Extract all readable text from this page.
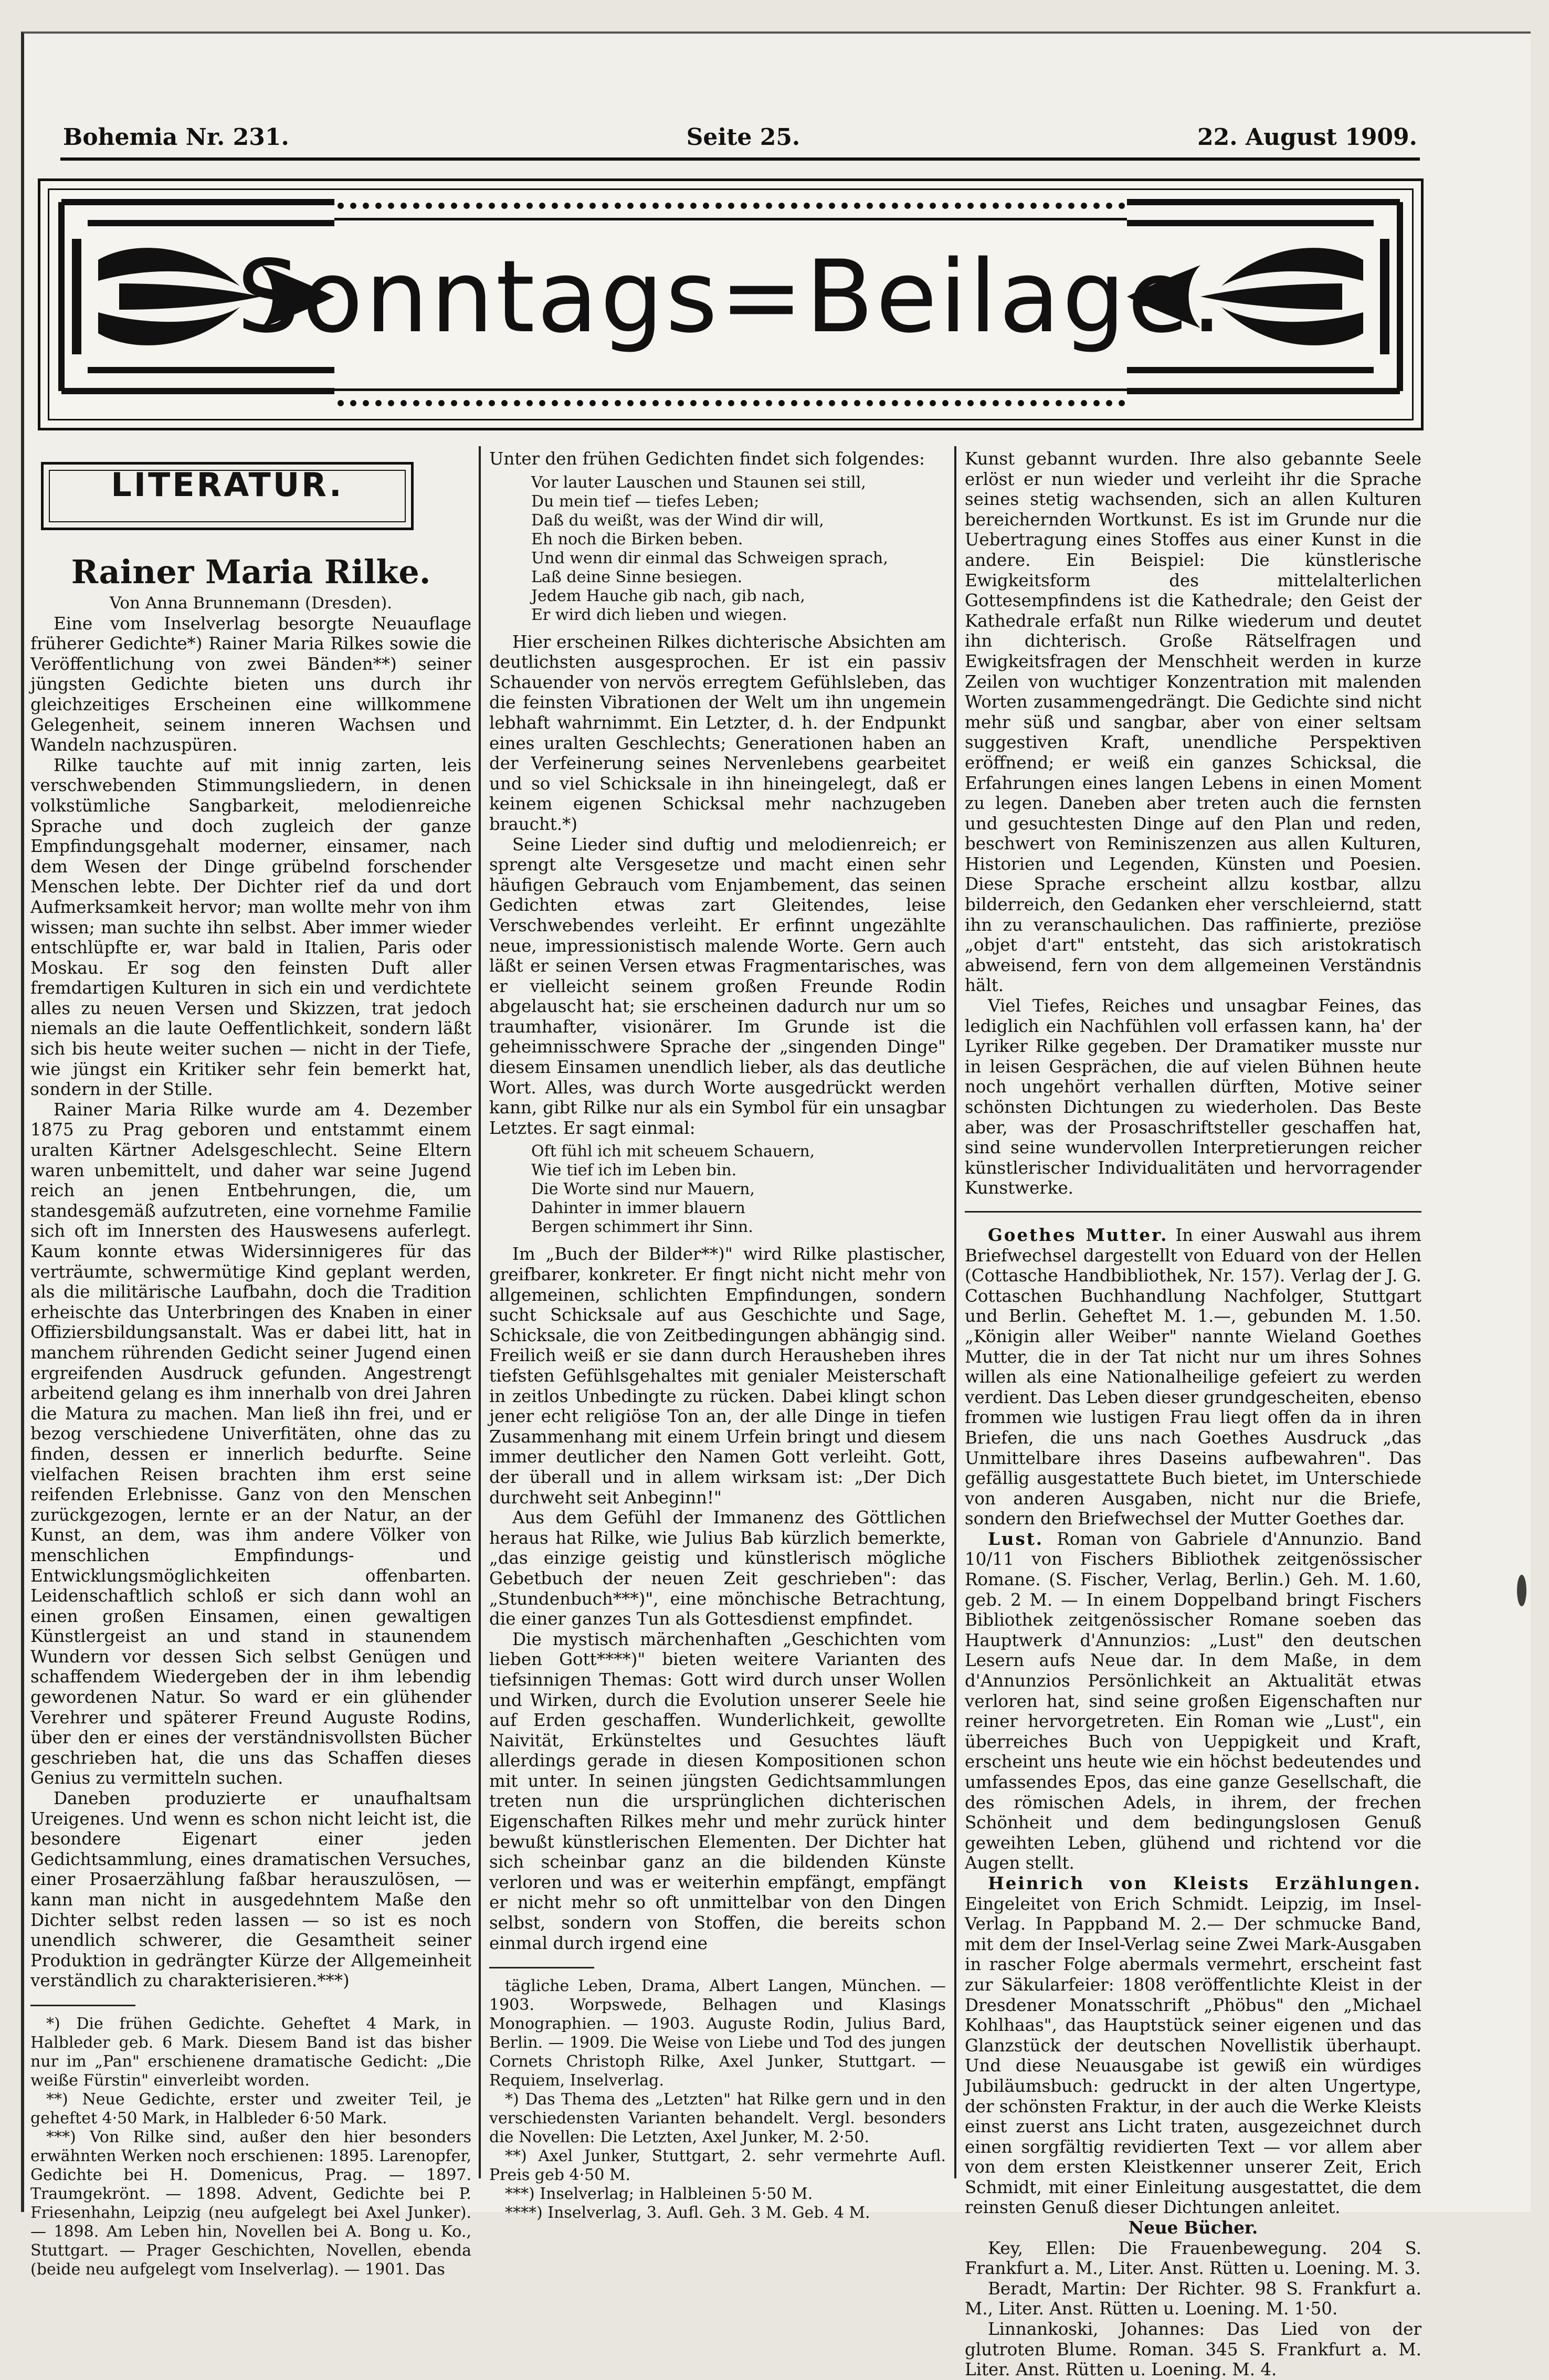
Bohemia Nr. 231.	Seite 25.	22. August 1909.
Sonntags=Beilage.
LITERATUR.

Rainer Maria Rilke.

Von Anna Brunnemann (Dresden).

Eine vom Inselverlag besorgte Neuauflage früherer Gedichte*) Rainer Maria Rilkes sowie die Veröffentlichung von zwei Bänden**) seiner jüngsten Gedichte bieten uns durch ihr gleichzeitiges Erscheinen eine willkommene Gelegenheit, seinem inneren Wachsen und Wandeln nachzuspüren.

Rilke tauchte auf mit innig zarten, leis verschwebenden Stimmungsliedern, in denen volkstümliche Sangbarkeit, melodienreiche Sprache und doch zugleich der ganze Empfindungsgehalt moderner, einsamer, nach dem Wesen der Dinge grübelnd forschender Menschen lebte. Der Dichter rief da und dort Aufmerksamkeit hervor; man wollte mehr von ihm wissen; man suchte ihn selbst. Aber immer wieder entschlüpfte er, war bald in Italien, Paris oder Moskau. Er sog den feinsten Duft aller fremdartigen Kulturen in sich ein und verdichtete alles zu neuen Versen und Skizzen, trat jedoch niemals an die laute Oeffentlichkeit, sondern läßt sich bis heute weiter suchen — nicht in der Tiefe, wie jüngst ein Kritiker sehr fein bemerkt hat, sondern in der Stille.

Rainer Maria Rilke wurde am 4. Dezember 1875 zu Prag geboren und entstammt einem uralten Kärtner Adelsgeschlecht. Seine Eltern waren unbemittelt, und daher war seine Jugend reich an jenen Entbehrungen, die, um standesgemäß aufzutreten, eine vornehme Familie sich oft im Innersten des Hauswesens auferlegt. Kaum konnte etwas Widersinnigeres für das verträumte, schwermütige Kind geplant werden, als die militärische Laufbahn, doch die Tradition erheischte das Unterbringen des Knaben in einer Offiziersbildungsanstalt. Was er dabei litt, hat in manchem rührenden Gedicht seiner Jugend einen ergreifenden Ausdruck gefunden. Angestrengt arbeitend gelang es ihm innerhalb von drei Jahren die Matura zu machen. Man ließ ihn frei, und er bezog verschiedene Univerfitäten, ohne das zu finden, dessen er innerlich bedurfte. Seine vielfachen Reisen brachten ihm erst seine reifenden Erlebnisse. Ganz von den Menschen zurückgezogen, lernte er an der Natur, an der Kunst, an dem, was ihm andere Völker von menschlichen Empfindungs- und Entwicklungsmöglichkeiten offenbarten. Leidenschaftlich schloß er sich dann wohl an einen großen Einsamen, einen gewaltigen Künstlergeist an und stand in staunendem Wundern vor dessen Sich selbst Genügen und schaffendem Wiedergeben der in ihm lebendig gewordenen Natur. So ward er ein glühender Verehrer und späterer Freund Auguste Rodins, über den er eines der verständnisvollsten Bücher geschrieben hat, die uns das Schaffen dieses Genius zu vermitteln suchen.

Daneben produzierte er unaufhaltsam Ureigenes. Und wenn es schon nicht leicht ist, die besondere Eigenart einer jeden Gedichtsammlung, eines dramatischen Versuches, einer Prosaerzählung faßbar herauszulösen, — kann man nicht in ausgedehntem Maße den Dichter selbst reden lassen — so ist es noch unendlich schwerer, die Gesamtheit seiner Produktion in gedrängter Kürze der Allgemeinheit verständlich zu charakterisieren.***)

*) Die frühen Gedichte. Geheftet 4 Mark, in Halbleder geb. 6 Mark. Diesem Band ist das bisher nur im „Pan" erschienene dramatische Gedicht: „Die weiße Fürstin" einverleibt worden.

**) Neue Gedichte, erster und zweiter Teil, je geheftet 4·50 Mark, in Halbleder 6·50 Mark.

***) Von Rilke sind, außer den hier besonders erwähnten Werken noch erschienen: 1895. Larenopfer, Gedichte bei H. Domenicus, Prag. — 1897. Traumgekrönt. — 1898. Advent, Gedichte bei P. Friesenhahn, Leipzig (neu aufgelegt bei Axel Junker). — 1898. Am Leben hin, Novellen bei A. Bong u. Ko., Stuttgart. — Prager Geschichten, Novellen, ebenda (beide neu aufgelegt vom Inselverlag). — 1901. Das

Unter den frühen Gedichten findet sich folgendes:

Vor lauter Lauschen und Staunen sei still,
Du mein tief — tiefes Leben;
Daß du weißt, was der Wind dir will,
Eh noch die Birken beben.
Und wenn dir einmal das Schweigen sprach,
Laß deine Sinne besiegen.
Jedem Hauche gib nach, gib nach,
Er wird dich lieben und wiegen.

Hier erscheinen Rilkes dichterische Absichten am deutlichsten ausgesprochen. Er ist ein passiv Schauender von nervös erregtem Gefühlsleben, das die feinsten Vibrationen der Welt um ihn ungemein lebhaft wahrnimmt. Ein Letzter, d. h. der Endpunkt eines uralten Geschlechts; Generationen haben an der Verfeinerung seines Nervenlebens gearbeitet und so viel Schicksale in ihn hineingelegt, daß er keinem eigenen Schicksal mehr nachzugeben braucht.*)

Seine Lieder sind duftig und melodienreich; er sprengt alte Versgesetze und macht einen sehr häufigen Gebrauch vom Enjambement, das seinen Gedichten etwas zart Gleitendes, leise Verschwebendes verleiht. Er erfinnt ungezählte neue, impressionistisch malende Worte. Gern auch läßt er seinen Versen etwas Fragmentarisches, was er vielleicht seinem großen Freunde Rodin abgelauscht hat; sie erscheinen dadurch nur um so traumhafter, visionärer. Im Grunde ist die geheimnisschwere Sprache der „singenden Dinge" diesem Einsamen unendlich lieber, als das deutliche Wort. Alles, was durch Worte ausgedrückt werden kann, gibt Rilke nur als ein Symbol für ein unsagbar Letztes. Er sagt einmal:

Oft fühl ich mit scheuem Schauern,
Wie tief ich im Leben bin.
Die Worte sind nur Mauern,
Dahinter in immer blauern
Bergen schimmert ihr Sinn.

Im „Buch der Bilder**)" wird Rilke plastischer, greifbarer, konkreter. Er fingt nicht nicht mehr von allgemeinen, schlichten Empfindungen, sondern sucht Schicksale auf aus Geschichte und Sage, Schicksale, die von Zeitbedingungen abhängig sind. Freilich weiß er sie dann durch Herausheben ihres tiefsten Gefühlsgehaltes mit genialer Meisterschaft in zeitlos Unbedingte zu rücken. Dabei klingt schon jener echt religiöse Ton an, der alle Dinge in tiefen Zusammenhang mit einem Urfein bringt und diesem immer deutlicher den Namen Gott verleiht. Gott, der überall und in allem wirksam ist: „Der Dich durchweht seit Anbeginn!"

Aus dem Gefühl der Immanenz des Göttlichen heraus hat Rilke, wie Julius Bab kürzlich bemerkte, „das einzige geistig und künstlerisch mögliche Gebetbuch der neuen Zeit geschrieben": das „Stundenbuch***)", eine mönchische Betrachtung, die einer ganzes Tun als Gottesdienst empfindet.

Die mystisch märchenhaften „Geschichten vom lieben Gott****)" bieten weitere Varianten des tiefsinnigen Themas: Gott wird durch unser Wollen und Wirken, durch die Evolution unserer Seele hie auf Erden geschaffen. Wunderlichkeit, gewollte Naivität, Erkünsteltes und Gesuchtes läuft allerdings gerade in diesen Kompositionen schon mit unter. In seinen jüngsten Gedichtsammlungen treten nun die ursprünglichen dichterischen Eigenschaften Rilkes mehr und mehr zurück hinter bewußt künstlerischen Elementen. Der Dichter hat sich scheinbar ganz an die bildenden Künste verloren und was er weiterhin empfängt, empfängt er nicht mehr so oft unmittelbar von den Dingen selbst, sondern von Stoffen, die bereits schon einmal durch irgend eine

tägliche Leben, Drama, Albert Langen, München. — 1903. Worpswede, Belhagen und Klasings Monographien. — 1903. Auguste Rodin, Julius Bard, Berlin. — 1909. Die Weise von Liebe und Tod des jungen Cornets Christoph Rilke, Axel Junker, Stuttgart. — Requiem, Inselverlag.

*) Das Thema des „Letzten" hat Rilke gern und in den verschiedensten Varianten behandelt. Vergl. besonders die Novellen: Die Letzten, Axel Junker, M. 2·50.

**) Axel Junker, Stuttgart, 2. sehr vermehrte Aufl. Preis geb 4·50 M.

***) Inselverlag; in Halbleinen 5·50 M.

****) Inselverlag, 3. Aufl. Geh. 3 M. Geb. 4 M.

Kunst gebannt wurden. Ihre also gebannte Seele erlöst er nun wieder und verleiht ihr die Sprache seines stetig wachsenden, sich an allen Kulturen bereichernden Wortkunst. Es ist im Grunde nur die Uebertragung eines Stoffes aus einer Kunst in die andere. Ein Beispiel: Die künstlerische Ewigkeitsform des mittelalterlichen Gottesempfindens ist die Kathedrale; den Geist der Kathedrale erfaßt nun Rilke wiederum und deutet ihn dichterisch. Große Rätselfragen und Ewigkeitsfragen der Menschheit werden in kurze Zeilen von wuchtiger Konzentration mit malenden Worten zusammengedrängt. Die Gedichte sind nicht mehr süß und sangbar, aber von einer seltsam suggestiven Kraft, unendliche Perspektiven eröffnend; er weiß ein ganzes Schicksal, die Erfahrungen eines langen Lebens in einen Moment zu legen. Daneben aber treten auch die fernsten und gesuchtesten Dinge auf den Plan und reden, beschwert von Reminiszenzen aus allen Kulturen, Historien und Legenden, Künsten und Poesien. Diese Sprache erscheint allzu kostbar, allzu bilderreich, den Gedanken eher verschleiernd, statt ihn zu veranschaulichen. Das raffinierte, preziöse „objet d'art" entsteht, das sich aristokratisch abweisend, fern von dem allgemeinen Verständnis hält.

Viel Tiefes, Reiches und unsagbar Feines, das lediglich ein Nachfühlen voll erfassen kann, ha' der Lyriker Rilke gegeben. Der Dramatiker musste nur in leisen Gesprächen, die auf vielen Bühnen heute noch ungehört verhallen dürften, Motive seiner schönsten Dichtungen zu wiederholen. Das Beste aber, was der Prosaschriftsteller geschaffen hat, sind seine wundervollen Interpretierungen reicher künstlerischer Individualitäten und hervorragender Kunstwerke.

Goethes Mutter. In einer Auswahl aus ihrem Briefwechsel dargestellt von Eduard von der Hellen (Cottasche Handbibliothek, Nr. 157). Verlag der J. G. Cottaschen Buchhandlung Nachfolger, Stuttgart und Berlin. Geheftet M. 1.—, gebunden M. 1.50. „Königin aller Weiber" nannte Wieland Goethes Mutter, die in der Tat nicht nur um ihres Sohnes willen als eine Nationalheilige gefeiert zu werden verdient. Das Leben dieser grundgescheiten, ebenso frommen wie lustigen Frau liegt offen da in ihren Briefen, die uns nach Goethes Ausdruck „das Unmittelbare ihres Daseins aufbewahren". Das gefällig ausgestattete Buch bietet, im Unterschiede von anderen Ausgaben, nicht nur die Briefe, sondern den Briefwechsel der Mutter Goethes dar.

Lust. Roman von Gabriele d'Annunzio. Band 10/11 von Fischers Bibliothek zeitgenössischer Romane. (S. Fischer, Verlag, Berlin.) Geh. M. 1.60, geb. 2 M. — In einem Doppelband bringt Fischers Bibliothek zeitgenössischer Romane soeben das Hauptwerk d'Annunzios: „Lust" den deutschen Lesern aufs Neue dar. In dem Maße, in dem d'Annunzios Persönlichkeit an Aktualität etwas verloren hat, sind seine großen Eigenschaften nur reiner hervorgetreten. Ein Roman wie „Lust", ein überreiches Buch von Ueppigkeit und Kraft, erscheint uns heute wie ein höchst bedeutendes und umfassendes Epos, das eine ganze Gesellschaft, die des römischen Adels, in ihrem, der frechen Schönheit und dem bedingungslosen Genuß geweihten Leben, glühend und richtend vor die Augen stellt.

Heinrich von Kleists Erzählungen. Eingeleitet von Erich Schmidt. Leipzig, im Insel-Verlag. In Pappband M. 2.— Der schmucke Band, mit dem der Insel-Verlag seine Zwei Mark-Ausgaben in rascher Folge abermals vermehrt, erscheint fast zur Säkularfeier: 1808 veröffentlichte Kleist in der Dresdener Monatsschrift „Phöbus" den „Michael Kohlhaas", das Hauptstück seiner eigenen und das Glanzstück der deutschen Novellistik überhaupt. Und diese Neuausgabe ist gewiß ein würdiges Jubiläumsbuch: gedruckt in der alten Ungertype, der schönsten Fraktur, in der auch die Werke Kleists einst zuerst ans Licht traten, ausgezeichnet durch einen sorgfältig revidierten Text — vor allem aber von dem ersten Kleistkenner unserer Zeit, Erich Schmidt, mit einer Einleitung ausgestattet, die dem reinsten Genuß dieser Dichtungen anleitet.

Neue Bücher.

Key, Ellen: Die Frauenbewegung. 204 S. Frankfurt a. M., Liter. Anst. Rütten u. Loening. M. 3.

Beradt, Martin: Der Richter. 98 S. Frankfurt a. M., Liter. Anst. Rütten u. Loening. M. 1·50.

Linnankoski, Johannes: Das Lied von der glutroten Blume. Roman. 345 S. Frankfurt a. M. Liter. Anst. Rütten u. Loening. M. 4.
